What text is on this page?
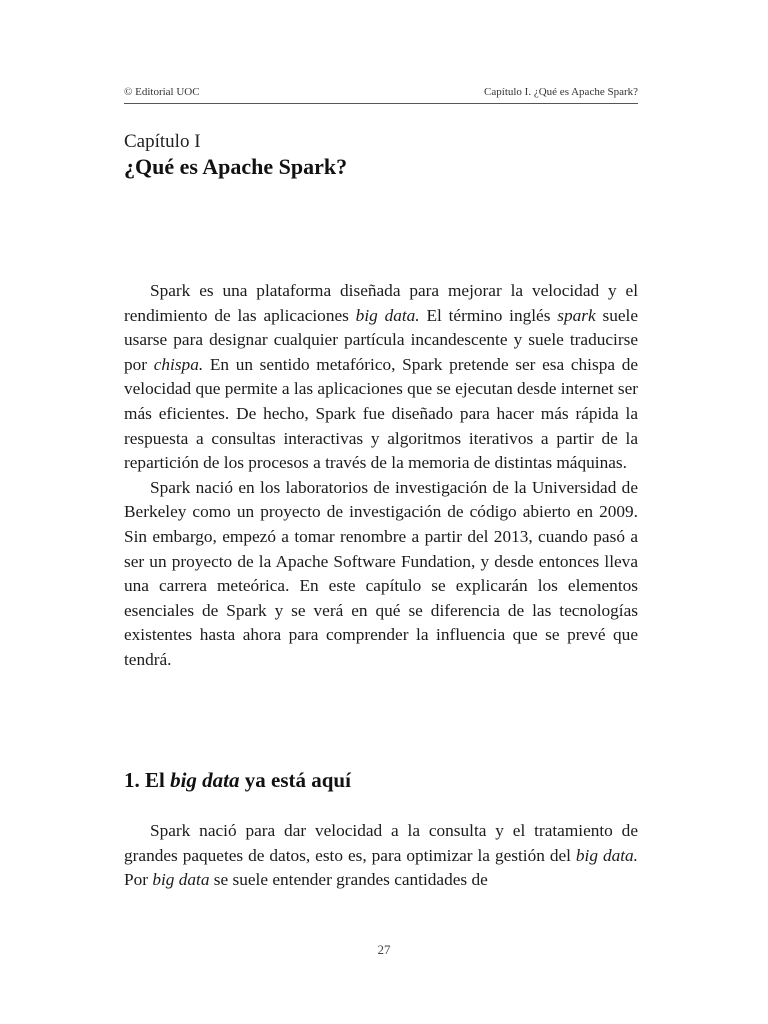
© Editorial UOC	Capítulo I. ¿Qué es Apache Spark?
Capítulo I
¿Qué es Apache Spark?

Spark es una plataforma diseñada para mejorar la velocidad y el rendimiento de las aplicaciones big data. El término inglés spark suele usarse para designar cualquier partícula incandescente y suele traducirse por chispa. En un sentido metafórico, Spark pretende ser esa chispa de velocidad que permite a las aplicaciones que se ejecutan desde internet ser más eficientes. De hecho, Spark fue diseñado para hacer más rápida la respuesta a consultas interactivas y algoritmos iterativos a partir de la repartición de los procesos a través de la memoria de distintas máquinas.

Spark nació en los laboratorios de investigación de la Universidad de Berkeley como un proyecto de investigación de código abierto en 2009. Sin embargo, empezó a tomar renombre a partir del 2013, cuando pasó a ser un proyecto de la Apache Software Fundation, y desde entonces lleva una carrera meteórica. En este capítulo se explicarán los elementos esenciales de Spark y se verá en qué se diferencia de las tecnologías existentes hasta ahora para comprender la influencia que se prevé que tendrá.

1. El big data ya está aquí

Spark nació para dar velocidad a la consulta y el tratamiento de grandes paquetes de datos, esto es, para optimizar la gestión del big data. Por big data se suele entender grandes cantidades de

27
